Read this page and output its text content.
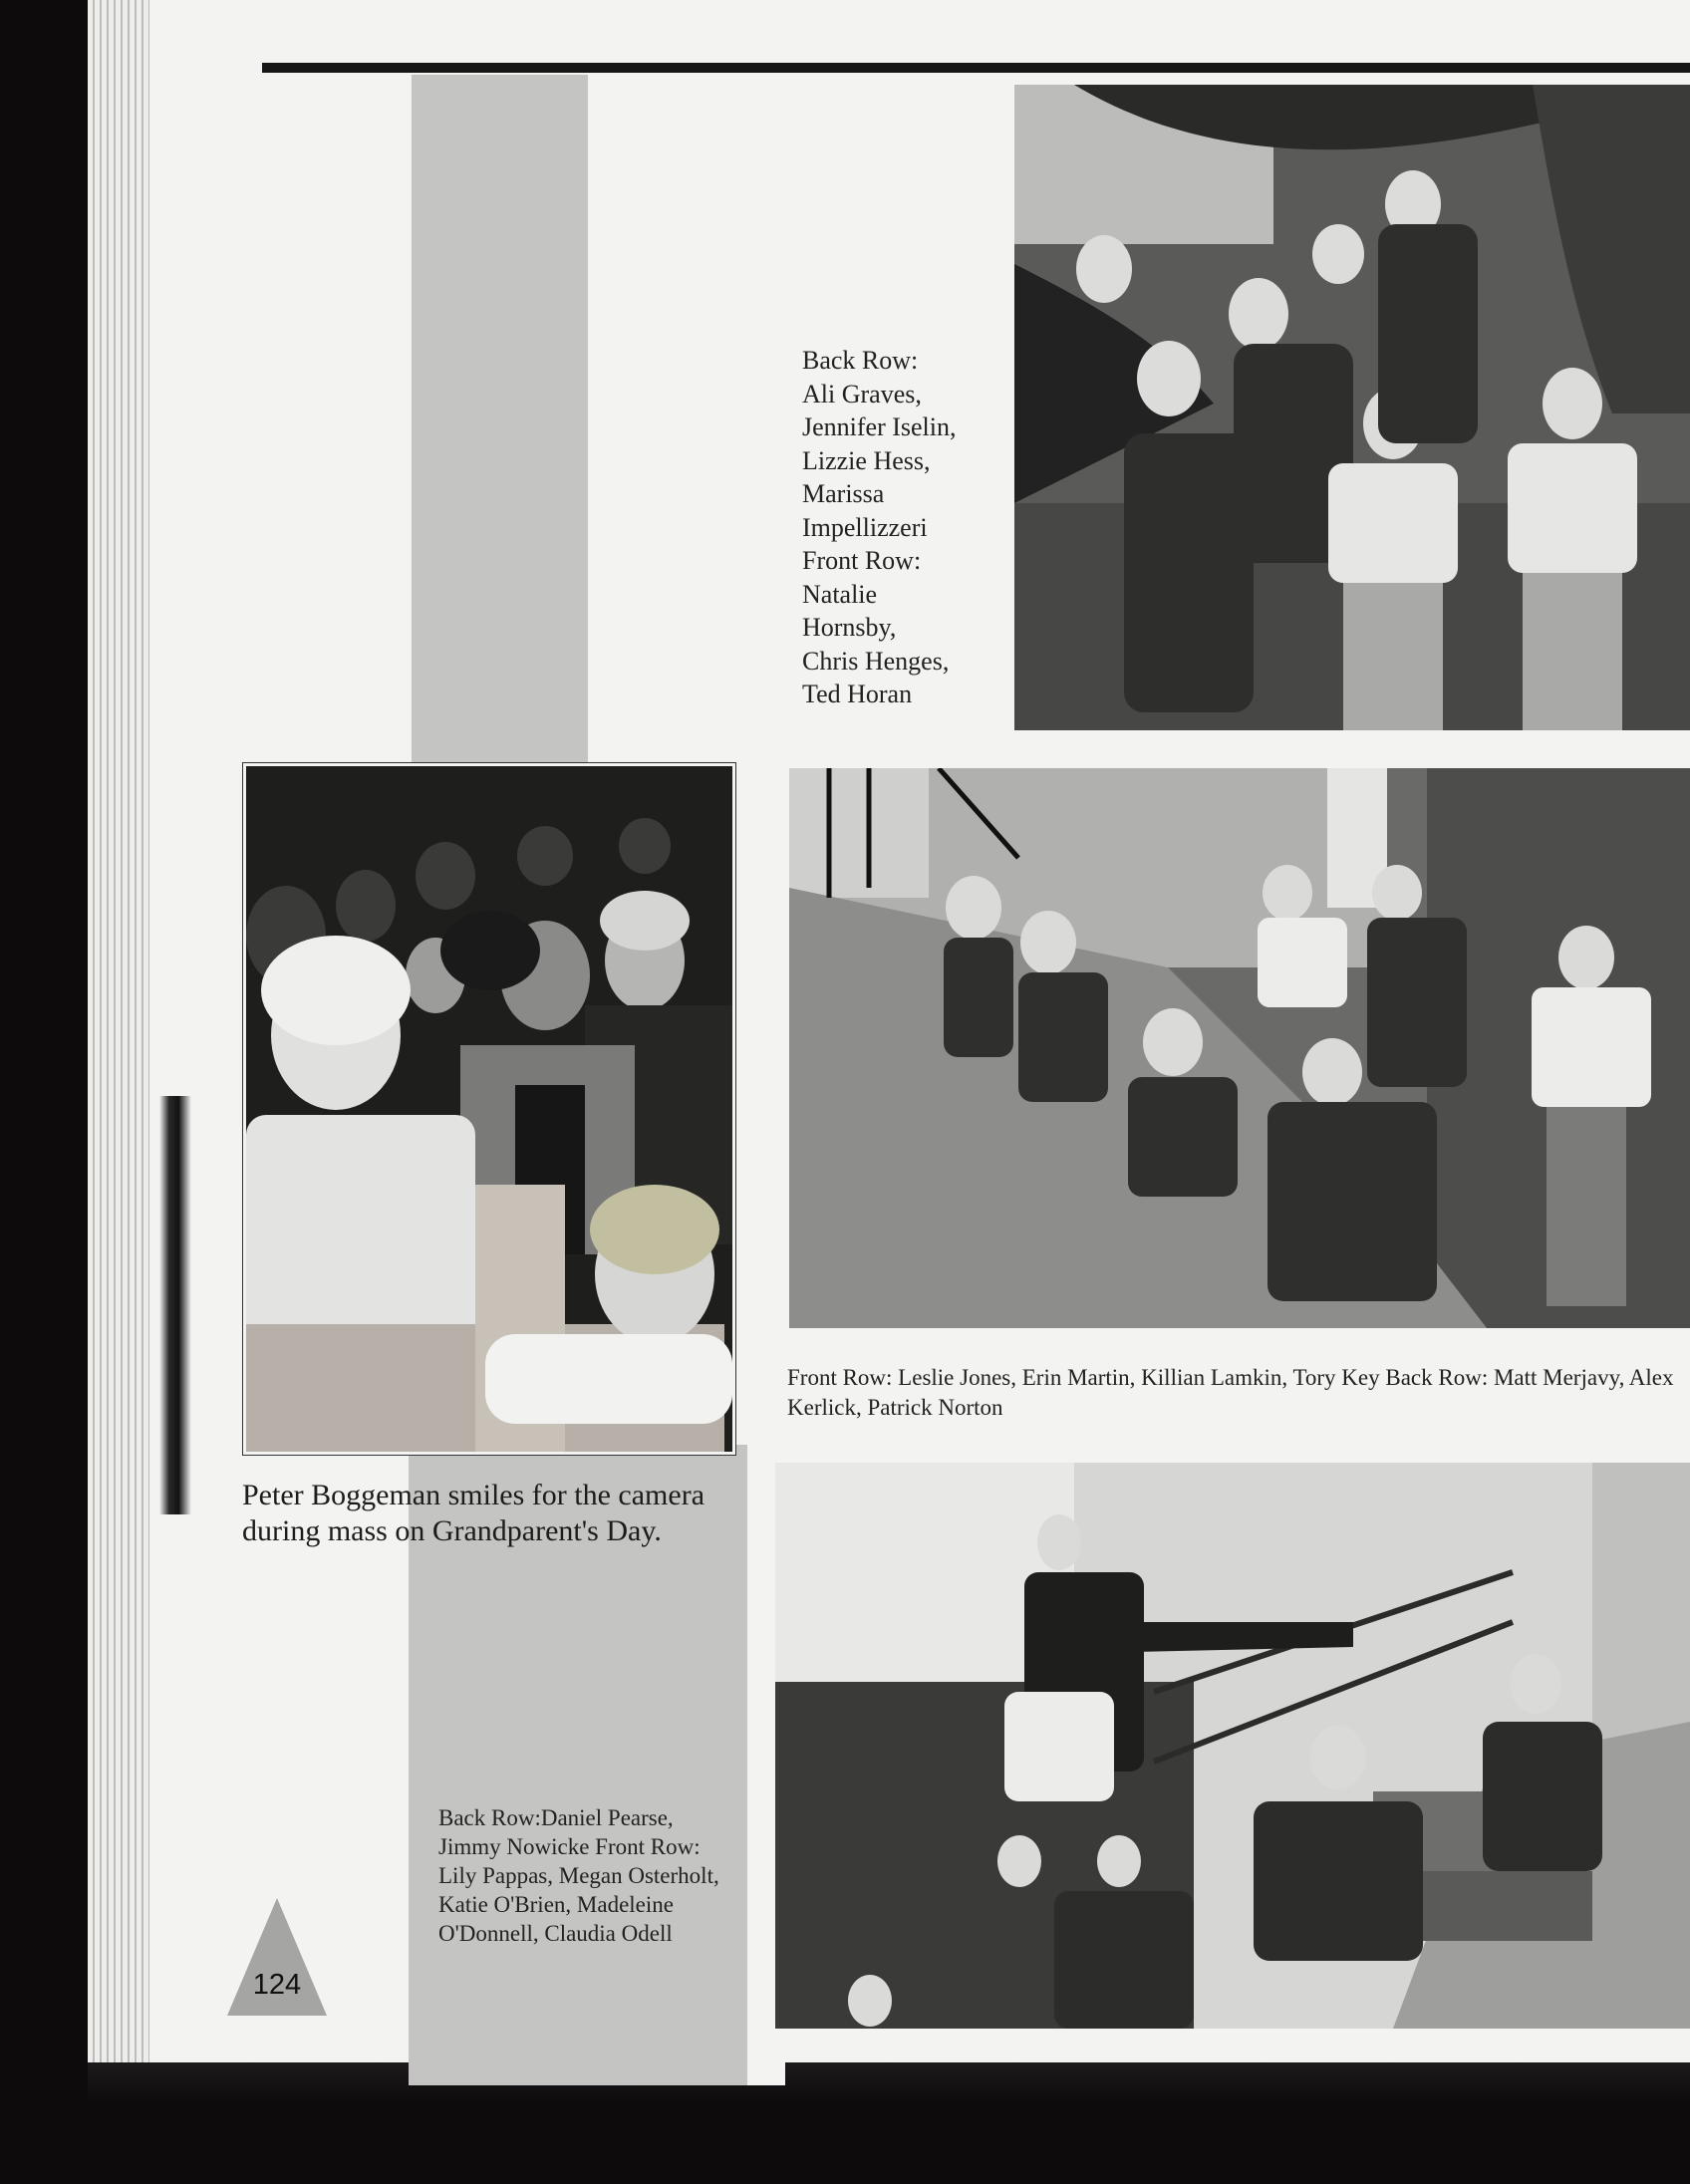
Back Row:
Ali Graves,
Jennifer Iselin,
Lizzie Hess,
Marissa
Impellizzeri
Front Row:
Natalie
Hornsby,
Chris Henges,
Ted Horan
Front Row: Leslie Jones, Erin Martin, Killian Lamkin, Tory Key Back Row: Matt Merjavy, Alex Kerlick, Patrick Norton
Peter Boggeman smiles for the camera during mass on Grandparent's Day.
Back Row:Daniel Pearse, Jimmy Nowicke Front Row: Lily Pappas, Megan Osterholt, Katie O'Brien, Madeleine O'Donnell, Claudia Odell
124
